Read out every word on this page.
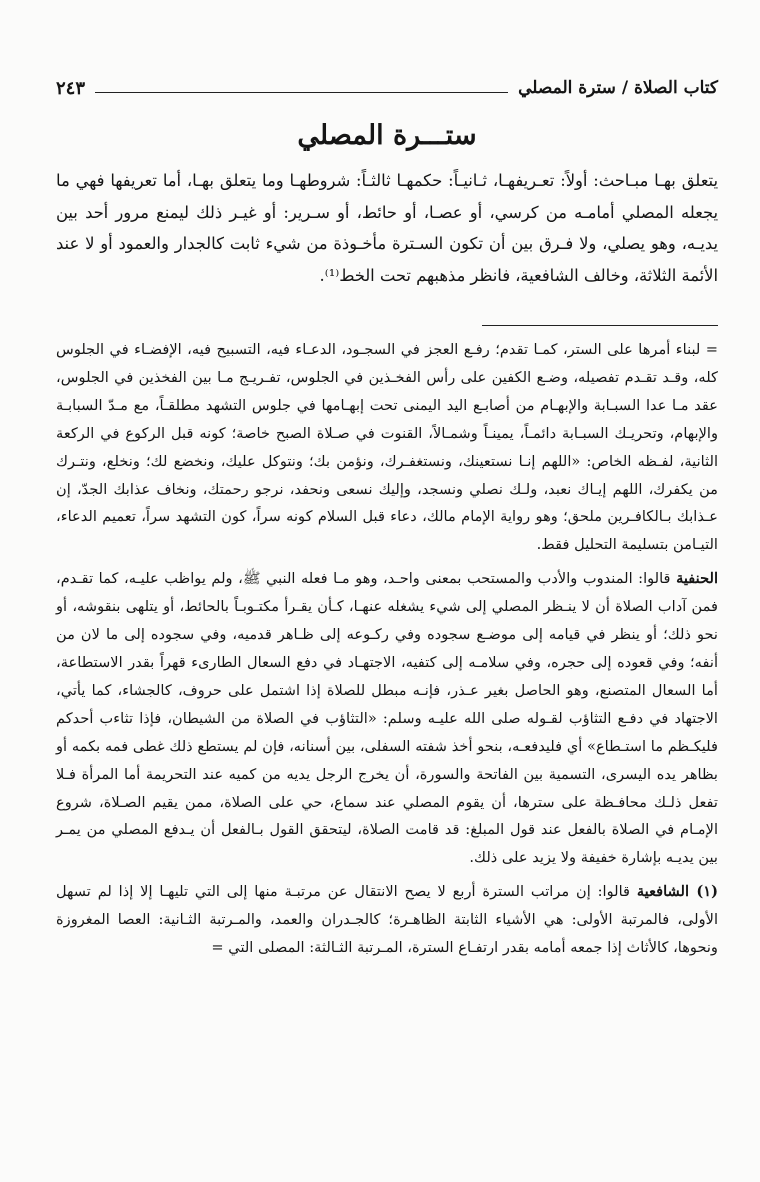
كتاب الصلاة / سترة المصلي
٢٤٣
ستـــرة المصلي

يتعلق بهـا مبـاحث: أولاً: تعـريفهـا، ثـانيـاً: حكمهـا ثالثـاً: شروطهـا وما يتعلق بهـا، أما تعريفها فهي ما يجعله المصلي أمامـه من كرسي، أو عصـا، أو حائط، أو سـرير: أو غيـر ذلك ليمنع مرور أحد بين يديـه، وهو يصلي، ولا فـرق بين أن تكون السـترة مأخـوذة من شيء ثابت كالجدار والعمود أو لا عند الأئمة الثلاثة، وخالف الشافعية، فانظر مذهبهم تحت الخط⁽¹⁾.

= لبناء أمرها على الستر، كمـا تقدم؛ رفـع العجز في السجـود، الدعـاء فيه، التسبيح فيه، الإفضـاء في الجلوس كله، وقـد تقـدم تفصيله، وضـع الكفين على رأس الفخـذين في الجلوس، تفـريـج مـا بين الفخذين في الجلوس، عقد مـا عدا السبـابة والإبهـام من أصابـع اليد اليمنى تحت إبهـامها في جلوس التشهد مطلقـاً، مع مـدّ السبابـة والإبهام، وتحريـك السبـابة دائمـاً، يمينـاً وشمـالاً، القنوت في صـلاة الصبح خاصة؛ كونه قبل الركوع في الركعة الثانية، لفـظه الخاص: «اللهم إنـا نستعينك، ونستغفـرك، ونؤمن بك؛ ونتوكل عليك، ونخضع لك؛ ونخلع، ونتـرك من يكفرك، اللهم إيـاك نعبد، ولـك نصلي ونسجد، وإليك نسعى ونحفد، نرجو رحمتك، ونخاف عذابك الجدّ، إن عـذابك بـالكافـرين ملحق؛ وهو رواية الإمام مالك، دعاء قبل السلام كونه سراً، كون التشهد سراً، تعميم الدعاء، التيـامن بتسليمة التحليل فقط.

الحنفية قالوا: المندوب والأدب والمستحب بمعنى واحـد، وهو مـا فعله النبي ﷺ، ولم يواظب عليـه، كما تقـدم، فمن آداب الصلاة أن لا ينـظر المصلي إلى شيء يشغله عنهـا، كـأن يقـرأ مكتـوبـاً بالحائط، أو يتلهى بنقوشه، أو نحو ذلك؛ أو ينظر في قيامه إلى موضـع سجوده وفي ركـوعه إلى ظـاهر قدميه، وفي سجوده إلى ما لان من أنفه؛ وفي قعوده إلى حجره، وفي سلامـه إلى كتفيه، الاجتهـاد في دفع السعال الطارىء قهراً بقدر الاستطاعة، أما السعال المتصنع، وهو الحاصل بغير عـذر، فإنـه مبطل للصلاة إذا اشتمل على حروف، كالجشاء، كما يأتي، الاجتهاد في دفـع التثاؤب لقـوله صلى الله عليـه وسلم: «التثاؤب في الصلاة من الشيطان، فإذا تثاءب أحدكم فليكـظم ما استـطاع» أي فليدفعـه، بنحو أخذ شفته السفلى، بين أسنانه، فإن لم يستطع ذلك غطى فمه بكمه أو بظاهر يده اليسرى، التسمية بين الفاتحة والسورة، أن يخرج الرجل يديه من كميه عند التحريمة أما المرأة فـلا تفعل ذلـك محافـظة على سترها، أن يقوم المصلي عند سماع، حي على الصلاة، ممن يقيم الصـلاة، شروع الإمـام في الصلاة بالفعل عند قول المبلغ: قد قامت الصلاة، ليتحقق القول بـالفعل أن يـدفع المصلي من يمـر بين يديـه بإشارة خفيفة ولا يزيد على ذلك.

(١) الشافعية قالوا: إن مراتب السترة أربع لا يصح الانتقال عن مرتبـة منها إلى التي تليهـا إلا إذا لم تسهل الأولى، فالمرتبة الأولى: هي الأشياء الثابتة الظاهـرة؛ كالجـدران والعمد، والمـرتبة الثـانية: العصا المغروزة ونحوها، كالأثاث إذا جمعه أمامه بقدر ارتفـاع السترة، المـرتبة الثـالثة: المصلى التي =
